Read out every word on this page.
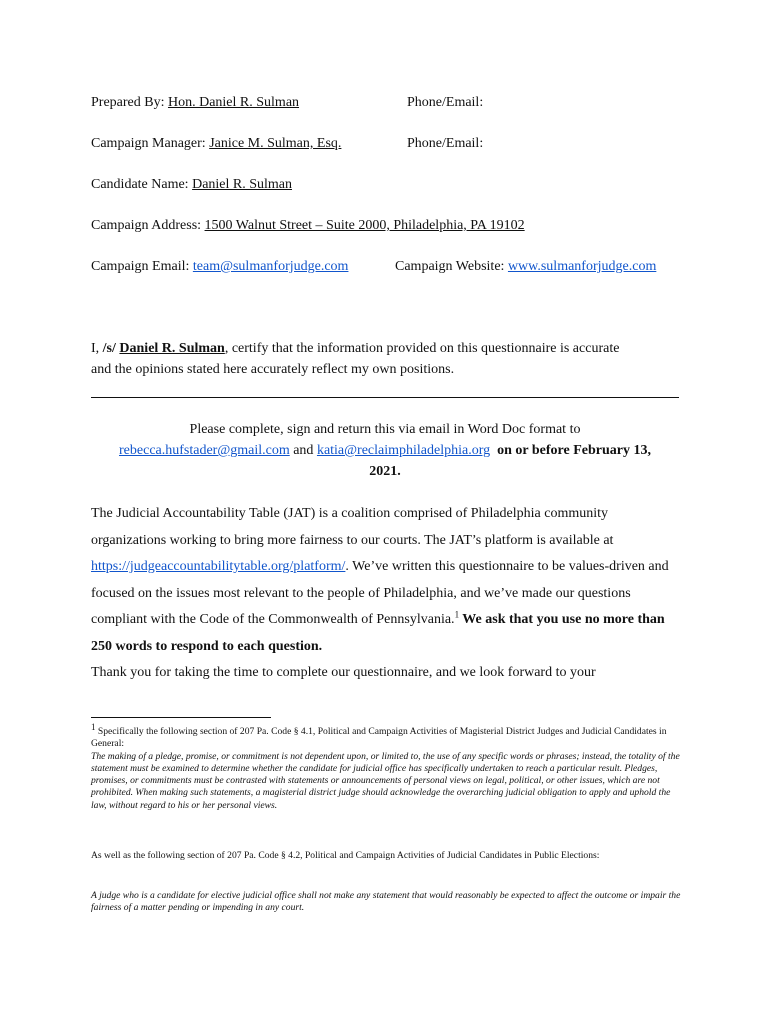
Prepared By: Hon. Daniel R. Sulman	Phone/Email:
Campaign Manager: Janice M. Sulman, Esq.	Phone/Email:
Candidate Name: Daniel R. Sulman
Campaign Address: 1500 Walnut Street – Suite 2000, Philadelphia, PA 19102
Campaign Email: team@sulmanforjudge.com	Campaign Website: www.sulmanforjudge.com
I, /s/ Daniel R. Sulman, certify that the information provided on this questionnaire is accurate
and the opinions stated here accurately reflect my own positions.
Please complete, sign and return this via email in Word Doc format to
rebecca.hufstader@gmail.com and katia@reclaimphiladelphia.org on or before February 13,
2021.
The Judicial Accountability Table (JAT) is a coalition comprised of Philadelphia community organizations working to bring more fairness to our courts. The JAT’s platform is available at https://judgeaccountabilitytable.org/platform/. We’ve written this questionnaire to be values-driven and focused on the issues most relevant to the people of Philadelphia, and we’ve made our questions compliant with the Code of the Commonwealth of Pennsylvania.$^1$ We ask that you use no more than 250 words to respond to each question.
Thank you for taking the time to complete our questionnaire, and we look forward to your
$^1$ Specifically the following section of 207 Pa. Code § 4.1, Political and Campaign Activities of Magisterial District Judges and Judicial Candidates in General:
The making of a pledge, promise, or commitment is not dependent upon, or limited to, the use of any specific words or phrases; instead, the totality of the statement must be examined to determine whether the candidate for judicial office has specifically undertaken to reach a particular result. Pledges, promises, or commitments must be contrasted with statements or announcements of personal views on legal, political, or other issues, which are not prohibited. When making such statements, a magisterial district judge should acknowledge the overarching judicial obligation to apply and uphold the law, without regard to his or her personal views.
As well as the following section of 207 Pa. Code § 4.2, Political and Campaign Activities of Judicial Candidates in Public Elections:
A judge who is a candidate for elective judicial office shall not make any statement that would reasonably be expected to affect the outcome or impair the fairness of a matter pending or impending in any court.
